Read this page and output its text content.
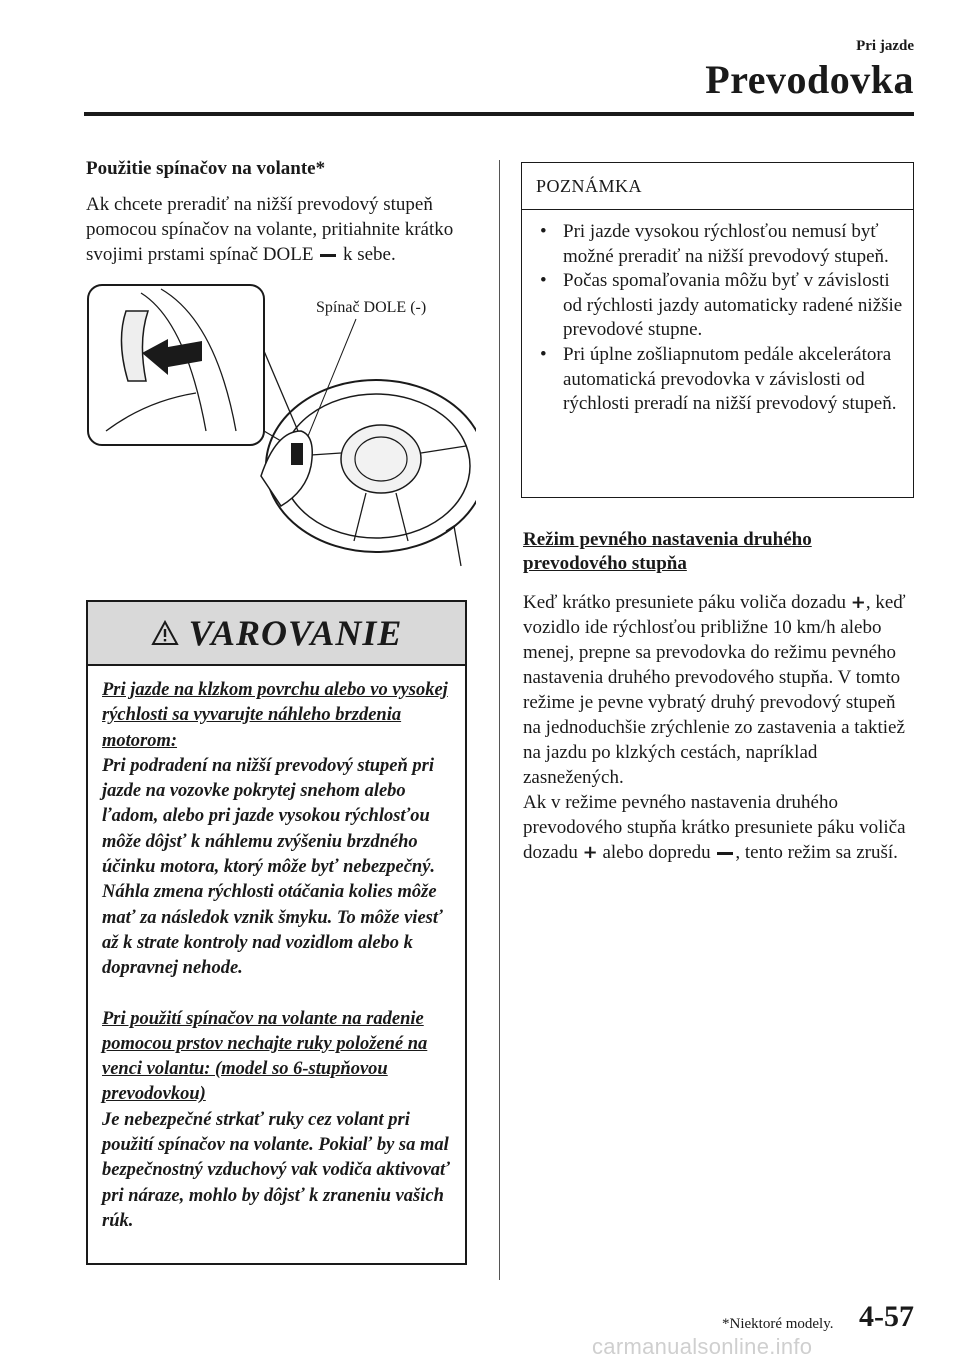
Pri jazde
Prevodovka

Použitie spínačov na volante*

Ak chcete preradiť na nižší prevodový stupeň pomocou spínačov na volante, pritiahnite krátko svojimi prstami spínač DOLE k sebe.

Spínač DOLE (-)
VAROVANIE

Pri jazde na klzkom povrchu alebo vo vysokej rýchlosti sa vyvarujte náhleho brzdenia motorom:

Pri podradení na nižší prevodový stupeň pri jazde na vozovke pokrytej snehom alebo ľadom, alebo pri jazde vysokou rýchlosťou môže dôjsť k náhlemu zvýšeniu brzdného účinku motora, ktorý môže byť nebezpečný. Náhla zmena rýchlosti otáčania kolies môže mať za následok vznik šmyku. To môže viesť až k strate kontroly nad vozidlom alebo k dopravnej nehode.

Pri použití spínačov na volante na radenie pomocou prstov nechajte ruky položené na venci volantu: (model so 6-stupňovou prevodovkou)

Je nebezpečné strkať ruky cez volant pri použití spínačov na volante. Pokiaľ by sa mal bezpečnostný vzduchový vak vodiča aktivovať pri náraze, mohlo by dôjsť k zraneniu vašich rúk.

POZNÁMKA
• Pri jazde vysokou rýchlosťou nemusí byť možné preradiť na nižší prevodový stupeň.
• Počas spomaľovania môžu byť v závislosti od rýchlosti jazdy automaticky radené nižšie prevodové stupne.
• Pri úplne zošliapnutom pedále akcelerátora automatická prevodovka v závislosti od rýchlosti preradí na nižší prevodový stupeň.

Režim pevného nastavenia druhého prevodového stupňa

Keď krátko presuniete páku voliča dozadu +, keď vozidlo ide rýchlosťou približne 10 km/h alebo menej, prepne sa prevodovka do režimu pevného nastavenia druhého prevodového stupňa. V tomto režime je pevne vybratý druhý prevodový stupeň na jednoduchšie zrýchlenie zo zastavenia a taktiež na jazdu po klzkých cestách, napríklad zasnežených.

Ak v režime pevného nastavenia druhého prevodového stupňa krátko presuniete páku voliča dozadu + alebo dopredu , tento režim sa zruší.

*Niektoré modely. 4-57
carmanualsonline.info
